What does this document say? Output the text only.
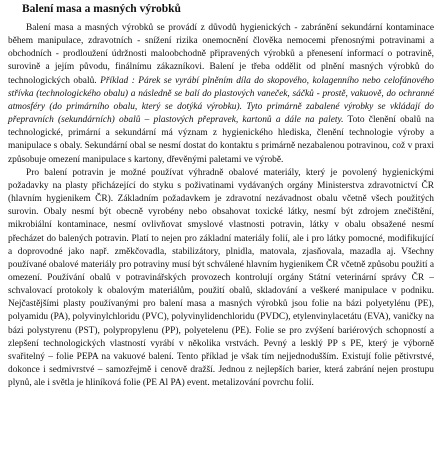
Balení masa a masných výrobků

Balení masa a masných výrobků se provádí z důvodů hygienických - zabránění sekundární kontaminace během manipulace, zdravotních - snížení rizika onemocnění člověka nemocemi přenosnými potravinami a obchodních - prodloužení údržnosti maloobchodně připravených výrobků a přenesení informací o potravině, surovině a jejím původu, finálnímu zákazníkovi. Balení je třeba oddělit od plnění masných výrobků do technologických obalů. Příklad : Párek se vyrábí plněním díla do skopového, kolagenního nebo celofánového střívka (technologického obalu) a následně se balí do plastových vaneček, sáčků - prostě, vakuově, do ochranné atmosféry (do primárního obalu, který se dotýká výrobku). Tyto primárně zabalené výrobky se vkládají do přepravních (sekundárních) obalů – plastových přepravek, kartonů a dále na palety. Toto členění obalů na technologické, primární a sekundární má význam z hygienického hlediska, členění technologie výroby a manipulace s obaly. Sekundární obal se nesmí dostat do kontaktu s primárně nezabalenou potravinou, což v praxi způsobuje omezení manipulace s kartony, dřevěnými paletami ve výrobě.

Pro balení potravin je možné používat výhradně obalové materiály, který je povolený hygienickými požadavky na plasty přicházející do styku s poživatinami vydávaných orgány Ministerstva zdravotnictví ČR (hlavním hygienikem ČR). Základním požadavkem je zdravotní nezávadnost obalu včetně všech použitých surovin. Obaly nesmí být obecně vyrobény nebo obsahovat toxické látky, nesmí být zdrojem znečištění, mikrobiální kontaminace, nesmí ovlivňovat smyslové vlastnosti potravin, látky v obalu obsažené nesmí přecházet do balených potravin. Platí to nejen pro základní materiály folií, ale i pro látky pomocné, modifikující a doprovodné jako např. změkčovadla, stabilizátory, plnidla, matovala, zjasňovala, mazadla aj. Všechny používané obalové materiály pro potraviny musí být schválené hlavním hygienikem ČR včetně způsobu použití a omezení. Používání obalů v potravinářských provozech kontrolují orgány Státní veterinární správy ČR – schvalovací protokoly k obalovým materiálům, použití obalů, skladování a veškeré manipulace v podniku. Nejčastějšími plasty používanými pro balení masa a masných výrobků jsou folie na bázi polyetylénu (PE), polyamidu (PA), polyvinylchloridu (PVC), polyvinylidenchloridu (PVDC), etylenvinylacetátu (EVA), vaničky na bázi polystyrenu (PST), polypropylenu (PP), polyetelenu (PE). Folie se pro zvýšení bariérových schopností a zlepšení technologických vlastností vyrábí v několika vrstvách. Pevný a lesklý PP s PE, který je výborně svařitelný – folie PEPA na vakuové balení. Tento příklad je však tím nejjednodušším. Existují folie pětivrstvé, dokonce i sedmivrstvé – samozřejmě i cenově dražší. Jednou z nejlepších barier, která zabrání nejen prostupu plynů, ale i světla je hliníková folie (PE Al PA) event. metalizování povrchu folií.
